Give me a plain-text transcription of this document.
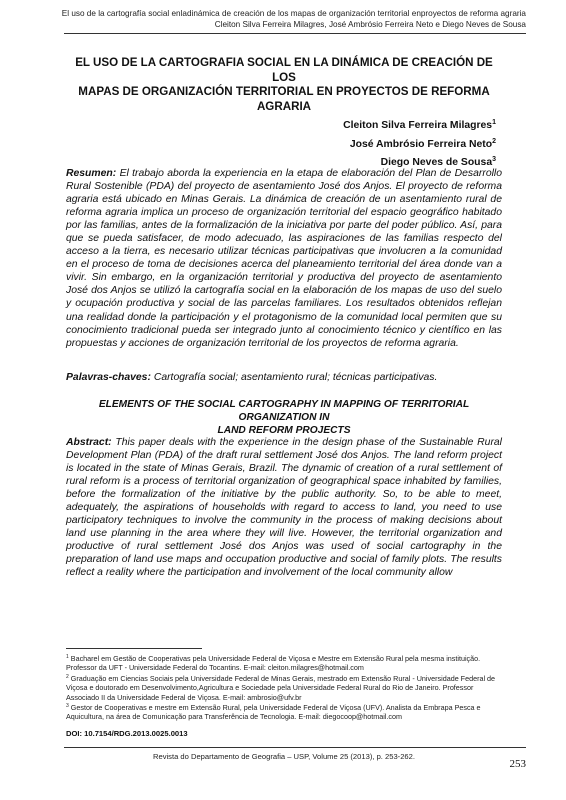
El uso de la cartografía social enladinámica de creación de los mapas de organización territorial enproyectos de reforma agraria
Cleiton Silva Ferreira Milagres, José Ambrósio Ferreira Neto e Diego Neves de Sousa
EL USO DE LA CARTOGRAFIA SOCIAL EN LA DINÁMICA DE CREACIÓN DE LOS
MAPAS DE ORGANIZACIÓN TERRITORIAL EN PROYECTOS DE REFORMA
AGRARIA
Cleiton Silva Ferreira Milagres$^1$
José Ambrósio Ferreira Neto$^2$
Diego Neves de Sousa$^3$
Resumen: El trabajo aborda la experiencia en la etapa de elaboración del Plan de Desarrollo Rural Sostenible (PDA) del proyecto de asentamiento José dos Anjos. El proyecto de reforma agraria está ubicado en Minas Gerais. La dinámica de creación de un asentamiento rural de reforma agraria implica un proceso de organización territorial del espacio geográfico habitado por las familias, antes de la formalización de la iniciativa por parte del poder público. Así, para que se pueda satisfacer, de modo adecuado, las aspiraciones de las familias respecto del acceso a la tierra, es necesario utilizar técnicas participativas que involucren a la comunidad en el proceso de toma de decisiones acerca del planeamiento territorial del área donde van a vivir. Sin embargo, en la organización territorial y productiva del proyecto de asentamiento José dos Anjos se utilizó la cartografía social en la elaboración de los mapas de uso del suelo y ocupación productiva y social de las parcelas familiares. Los resultados obtenidos reflejan una realidad donde la participación y el protagonismo de la comunidad local permiten que su conocimiento tradicional pueda ser integrado junto al conocimiento técnico y científico en las propuestas y acciones de organización territorial de los proyectos de reforma agraria.
Palavras-chaves: Cartografía social; asentamiento rural; técnicas participativas.
ELEMENTS OF THE SOCIAL CARTOGRAPHY IN MAPPING OF TERRITORIAL ORGANIZATION IN
LAND REFORM PROJECTS
Abstract: This paper deals with the experience in the design phase of the Sustainable Rural Development Plan (PDA) of the draft rural settlement José dos Anjos. The land reform project is located in the state of Minas Gerais, Brazil. The dynamic of creation of a rural settlement of rural reform is a process of territorial organization of geographical space inhabited by families, before the formalization of the initiative by the public authority. So, to be able to meet, adequately, the aspirations of households with regard to access to land, you need to use participatory techniques to involve the community in the process of making decisions about land use planning in the area where they will live. However, the territorial organization and productive of rural settlement José dos Anjos was used of social cartography in the preparation of land use maps and occupation productive and social of family plots. The results reflect a reality where the participation and involvement of the local community allow
$^1$ Bacharel em Gestão de Cooperativas pela Universidade Federal de Viçosa e Mestre em Extensão Rural pela mesma instituição. Professor da UFT - Universidade Federal do Tocantins. E-mail: cleiton.milagres@hotmail.com
$^2$ Graduação em Ciencias Sociais pela Universidade Federal de Minas Gerais, mestrado em Extensão Rural - Universidade Federal de Viçosa e doutorado em Desenvolvimento,Agricultura e Sociedade pela Universidade Federal Rural do Rio de Janeiro. Professor Associado II da Universidade Federal de Viçosa. E-mail: ambrosio@ufv.br
$^3$ Gestor de Cooperativas e mestre em Extensão Rural, pela Universidade Federal de Viçosa (UFV). Analista da Embrapa Pesca e Aquicultura, na área de Comunicação para Transferência de Tecnologia. E-mail: diegocoop@hotmail.com
DOI: 10.7154/RDG.2013.0025.0013
Revista do Departamento de Geografia – USP, Volume 25 (2013), p. 253-262.
253
